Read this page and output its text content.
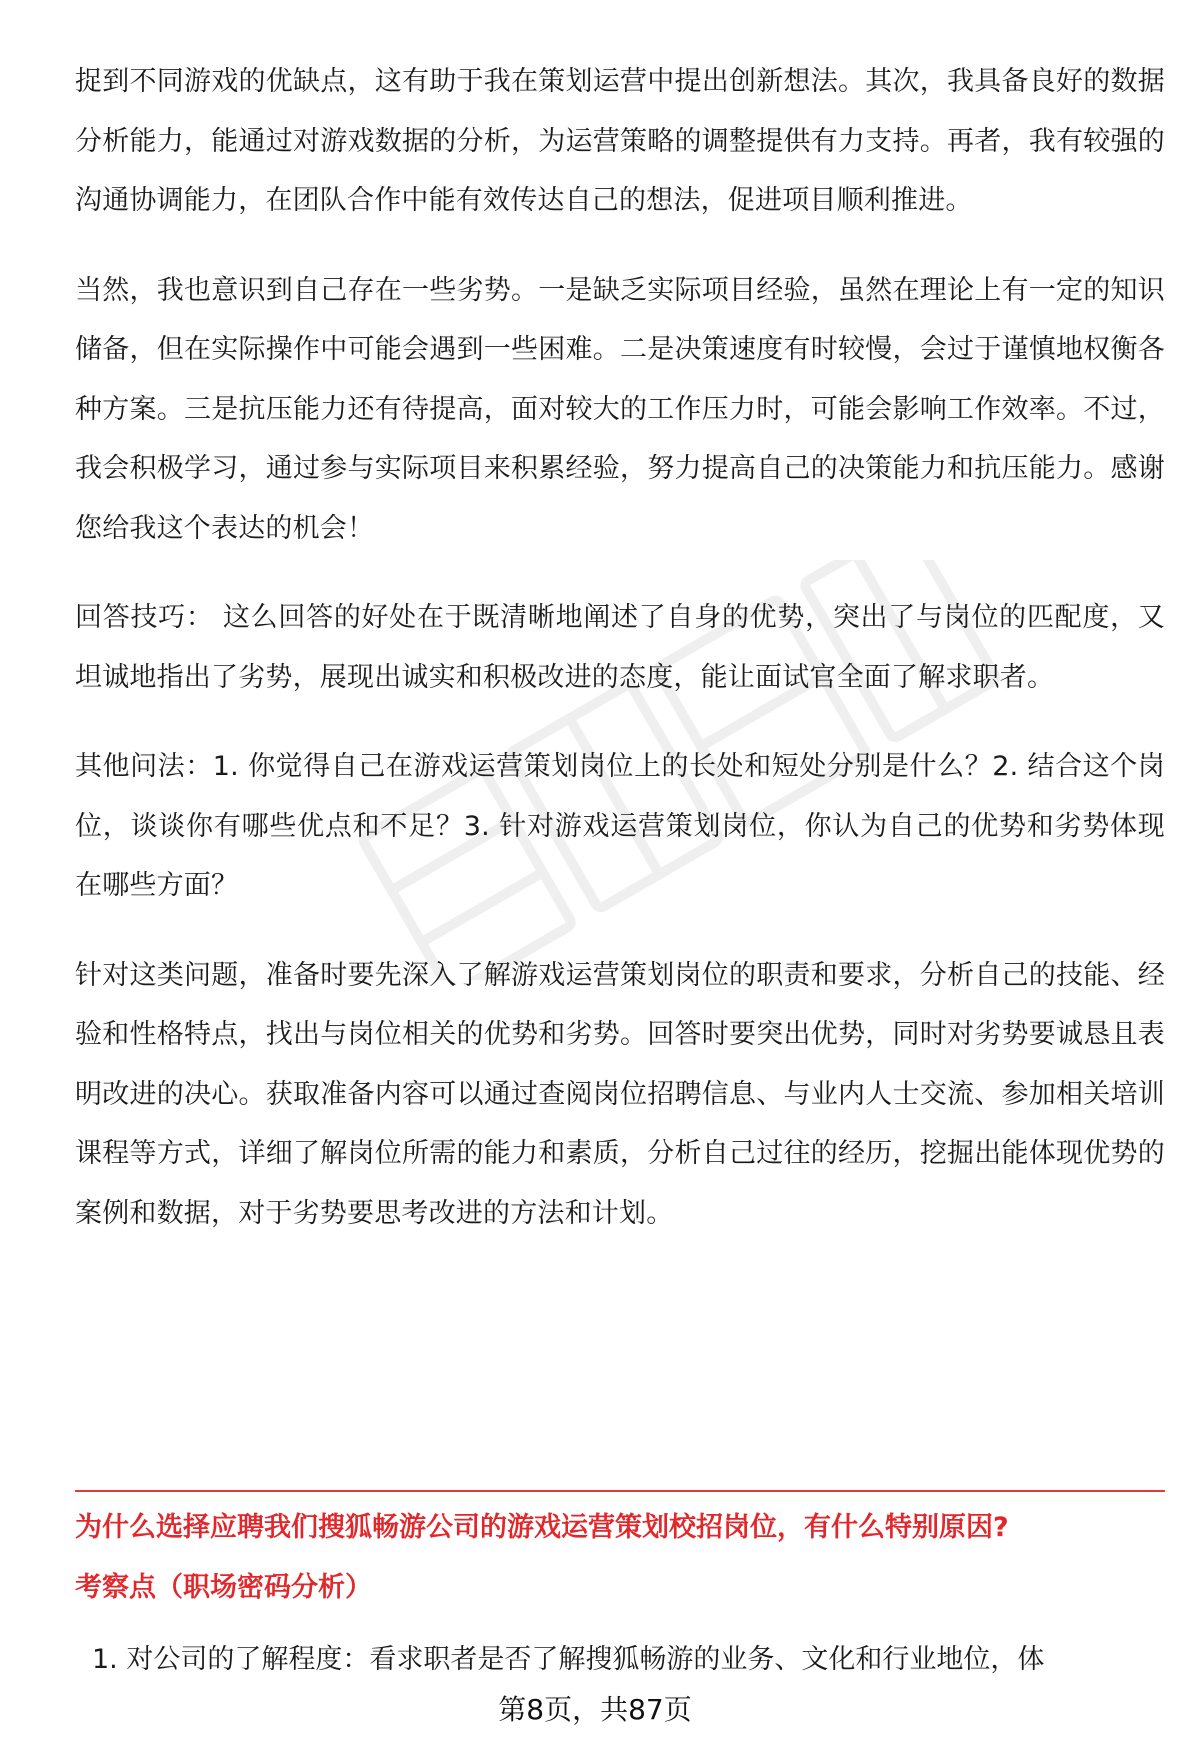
捉到不同游戏的优缺点，这有助于我在策划运营中提出创新想法。其次，我具备良好的数据分析能力，能通过对游戏数据的分析，为运营策略的调整提供有力支持。再者，我有较强的沟通协调能力，在团队合作中能有效传达自己的想法，促进项目顺利推进。

当然，我也意识到自己存在一些劣势。一是缺乏实际项目经验，虽然在理论上有一定的知识储备，但在实际操作中可能会遇到一些困难。二是决策速度有时较慢，会过于谨慎地权衡各种方案。三是抗压能力还有待提高，面对较大的工作压力时，可能会影响工作效率。不过，我会积极学习，通过参与实际项目来积累经验，努力提高自己的决策能力和抗压能力。感谢您给我这个表达的机会！

回答技巧： 这么回答的好处在于既清晰地阐述了自身的优势，突出了与岗位的匹配度，又坦诚地指出了劣势，展现出诚实和积极改进的态度，能让面试官全面了解求职者。

其他问法：1. 你觉得自己在游戏运营策划岗位上的长处和短处分别是什么？2. 结合这个岗位，谈谈你有哪些优点和不足？3. 针对游戏运营策划岗位，你认为自己的优势和劣势体现在哪些方面？

针对这类问题，准备时要先深入了解游戏运营策划岗位的职责和要求，分析自己的技能、经验和性格特点，找出与岗位相关的优势和劣势。回答时要突出优势，同时对劣势要诚恳且表明改进的决心。获取准备内容可以通过查阅岗位招聘信息、与业内人士交流、参加相关培训课程等方式，详细了解岗位所需的能力和素质，分析自己过往的经历，挖掘出能体现优势的案例和数据，对于劣势要思考改进的方法和计划。

为什么选择应聘我们搜狐畅游公司的游戏运营策划校招岗位，有什么特别原因?
考察点（职场密码分析）
1. 对公司的了解程度：看求职者是否了解搜狐畅游的业务、文化和行业地位，体
第8页，共87页
